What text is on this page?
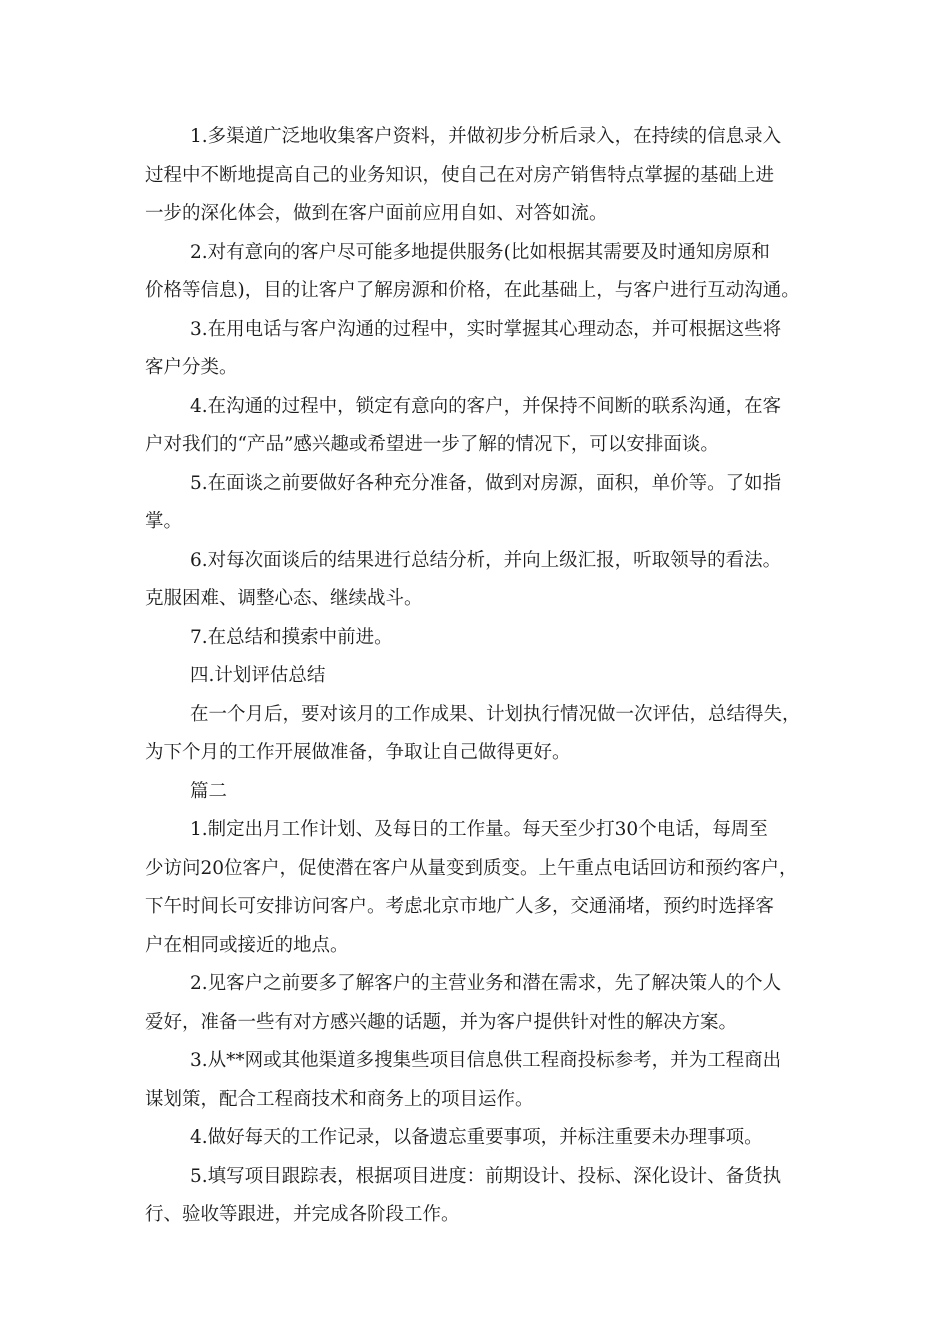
1.多渠道广泛地收集客户资料，并做初步分析后录入，在持续的信息录入
过程中不断地提高自己的业务知识，使自己在对房产销售特点掌握的基础上进
一步的深化体会，做到在客户面前应用自如、对答如流。
2.对有意向的客户尽可能多地提供服务(比如根据其需要及时通知房原和
价格等信息)，目的让客户了解房源和价格，在此基础上，与客户进行互动沟通。
3.在用电话与客户沟通的过程中，实时掌握其心理动态，并可根据这些将
客户分类。
4.在沟通的过程中，锁定有意向的客户，并保持不间断的联系沟通，在客
户对我们的“产品”感兴趣或希望进一步了解的情况下，可以安排面谈。
5.在面谈之前要做好各种充分准备，做到对房源，面积，单价等。了如指
掌。
6.对每次面谈后的结果进行总结分析，并向上级汇报，听取领导的看法。
克服困难、调整心态、继续战斗。
7.在总结和摸索中前进。
四.计划评估总结
在一个月后，要对该月的工作成果、计划执行情况做一次评估，总结得失，
为下个月的工作开展做准备，争取让自己做得更好。
篇二
1.制定出月工作计划、及每日的工作量。每天至少打30个电话，每周至
少访问20位客户，促使潜在客户从量变到质变。上午重点电话回访和预约客户，
下午时间长可安排访问客户。考虑北京市地广人多，交通涌堵，预约时选择客
户在相同或接近的地点。
2.见客户之前要多了解客户的主营业务和潜在需求，先了解决策人的个人
爱好，准备一些有对方感兴趣的话题，并为客户提供针对性的解决方案。
3.从**网或其他渠道多搜集些项目信息供工程商投标参考，并为工程商出
谋划策，配合工程商技术和商务上的项目运作。
4.做好每天的工作记录，以备遗忘重要事项，并标注重要未办理事项。
5.填写项目跟踪表，根据项目进度：前期设计、投标、深化设计、备货执
行、验收等跟进，并完成各阶段工作。
